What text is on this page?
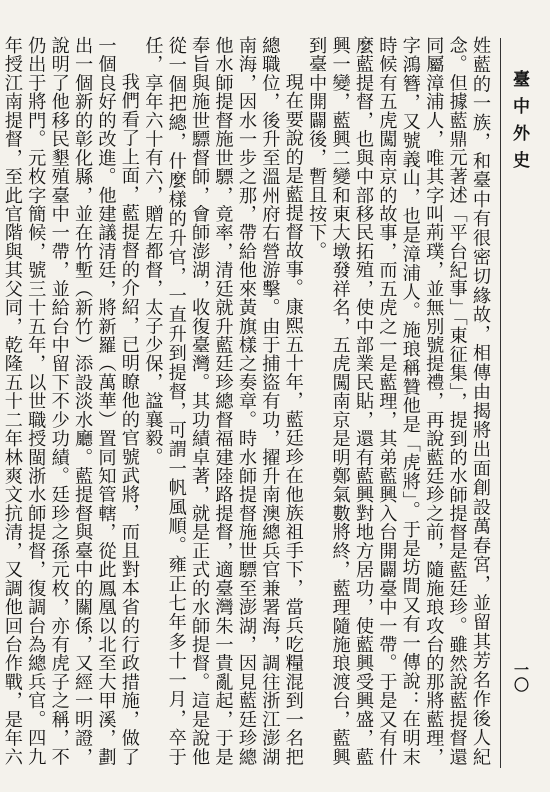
臺中外史
一〇

姓藍的一族，和臺中有很密切緣故，相傳由揭將出面創設萬春宮，並留其芳名作後人紀念。但據藍鼎元著述「平台紀事」「東征集」，提到的水師提督是藍廷珍。雖然說藍提督還同屬漳浦人，唯其字叫荊璞，並無別號提禮，再說藍廷珍之前，隨施琅攻台的那將藍理，字鴻簪，又號義山，也是漳浦人。施琅稱贊他是「虎將」。于是坊間又有一傳說：在明末時候有五虎闖南京的故事，而五虎之一是藍理，其弟藍興入台開闢臺中一帶。于是又有什麼藍提督，也與中部移民拓殖，使中部業民貼，還有藍興對地方居功，使藍興受興盛，藍興一變，藍興二變和東大墩發祥名，五虎闖南京是明鄭氣數將終，藍理隨施琅渡台，藍興到臺中開闢後，暫且按下。

現在要說的是藍提督故事。康熙五十年，藍廷珍在他族祖手下，當兵吃糧混到一名把總職位，後升至溫州府右營游擊。由于捕盜有功，擢升南澳總兵官兼署海，調往浙江澎湖南海，因水一步之那，帶給他來黃旗樣之奏章。時水師提督施世驃至澎湖，因見藍廷珍總他水師提督施世驃，竟率，清廷就升藍廷珍總督福建陸路提督，適臺灣朱一貴亂起，于是奉旨與施世驃督師，會師澎湖，收復臺灣。其功績卓著，就是正式的水師提督。這是說他從一個把總，什麼樣的升官，一直升到提督，可謂一帆風順。雍正七年多十一月，卒于任，享年六十有六，贈左都督，太子少保，諡襄毅。

我們看了上面，藍提督的介紹，已明瞭他的官號武將，而且對本省的行政措施，做了一個良好的改進。他建議清廷，將新羅（萬華）置同知管轄，從此鳳凰以北至大甲溪，劃出一個新的彰化縣，並在竹塹（新竹）添設淡水廳。藍提督與臺中的關係，又經一明證，說明了他移民墾殖臺中一帶，並給台中留下不少功績。廷珍之孫元枚，亦有虎子之稱，不仍出于將門。元枚字簡候，號三十五年，以世職授閩浙水師提督，復調台為總兵官。四九年授江南提督，至此官階與其父同，乾隆五十二年林爽文抗清，又調他回台作戰，是年六
